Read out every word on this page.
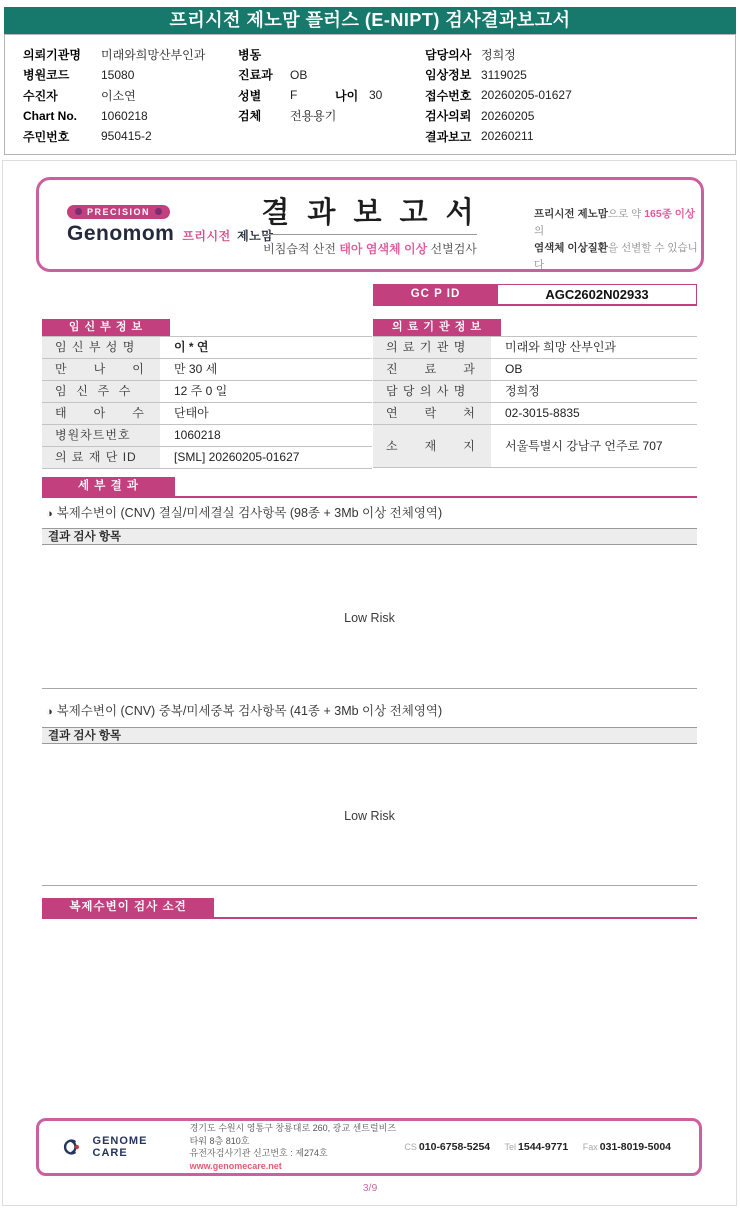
프리시전 제노맘 플러스 (E-NIPT) 검사결과보고서
의뢰기관명	미래와희망산부인과
병원코드	15080
수진자	이소연
Chart No.	1060218
주민번호	950415-2
병동
진료과	OB
성별	F	나이 30
검체	전용용기
담당의사 정희정
임상정보 3119025
접수번호 20260205-01627
검사의뢰 20260205
결과보고 20260211
PRECISION
Genomom 프리시전 제노맘
결 과 보 고 서
비침습적 산전 태아 염색체 이상 선별검사
프리시전 제노맘으로 약 165종 이상의
염색체 이상질환을 선별할 수 있습니다
GC P ID	AGC2602N02933
임 신 부 정 보
임 신 부 성 명	이 * 연
만      나      이	만 30 세
임  신  주  수	12 주 0 일
태      아      수	단태아
병원차트번호	1060218
의 료 재 단 ID	[SML] 20260205-01627
의 료 기 관 정 보
의 료 기 관 명	미래와 희망 산부인과
진      료      과	OB
담 당 의 사 명	정희정
연      락      처	02-3015-8835
소      재      지	서울특별시 강남구 언주로 707
세 부 결 과
◑ 복제수변이 (CNV) 결실/미세결실 검사항목 (98종 + 3Mb 이상 전체영역)
결과 검사 항목
Low Risk
◑ 복제수변이 (CNV) 중복/미세중복 검사항목 (41종 + 3Mb 이상 전체영역)
결과 검사 항목
Low Risk
복제수변이 검사 소견
GENOME CARE
경기도 수원시 영통구 창룡대로 260, 광교 센트럴비즈타워 8층 810호
유전자검사기관 신고번호 : 제274호
www.genomecare.net
CS 010-6758-5254 Tel 1544-9771 Fax 031-8019-5004
3/9
